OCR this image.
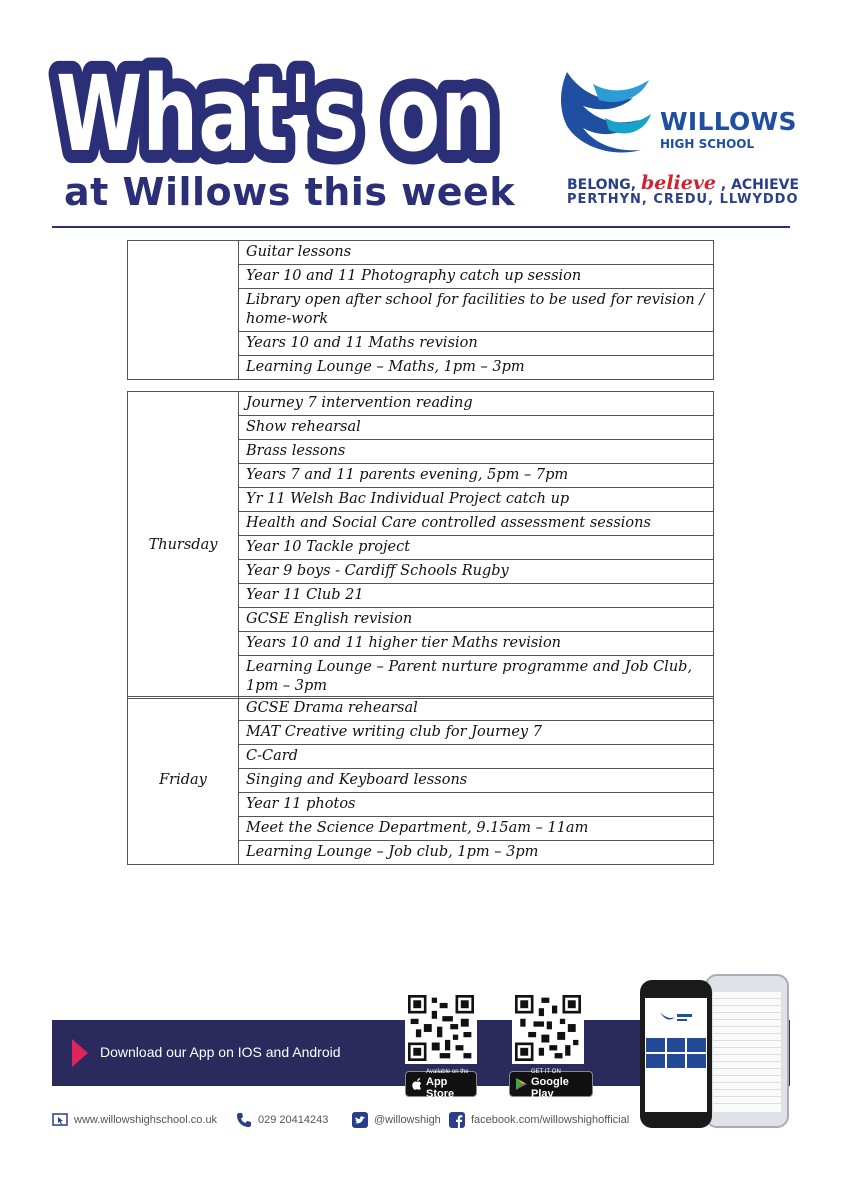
What's on
at Willows this week
WILLOWS
HIGH SCHOOL
BELONG, believe , ACHIEVE
PERTHYN, CREDU, LLWYDDO
	Guitar lessons
Year 10 and 11 Photography catch up session
Library open after school for facilities to be used for revision / home-work
Years 10 and 11 Maths revision
Learning Lounge – Maths, 1pm – 3pm
Thursday	Journey 7 intervention reading
Show rehearsal
Brass lessons
Years 7 and 11 parents evening, 5pm – 7pm
Yr 11 Welsh Bac Individual Project catch up
Health and Social Care controlled assessment sessions
Year 10 Tackle project
Year 9 boys - Cardiff Schools Rugby
Year 11 Club 21
GCSE English revision
Years 10 and 11 higher tier Maths revision
Learning Lounge – Parent nurture programme and Job Club, 1pm – 3pm
Friday	GCSE Drama rehearsal
MAT Creative writing club for Journey 7
C-Card
Singing and Keyboard lessons
Year 11 photos
Meet the Science Department, 9.15am – 11am
Learning Lounge – Job club, 1pm – 3pm
Download our App on IOS and Android
Available on the
App Store
GET IT ON
Google Play
www.willowshighschool.co.uk	029 20414243	@willowshigh	facebook.com/willowshighofficial
